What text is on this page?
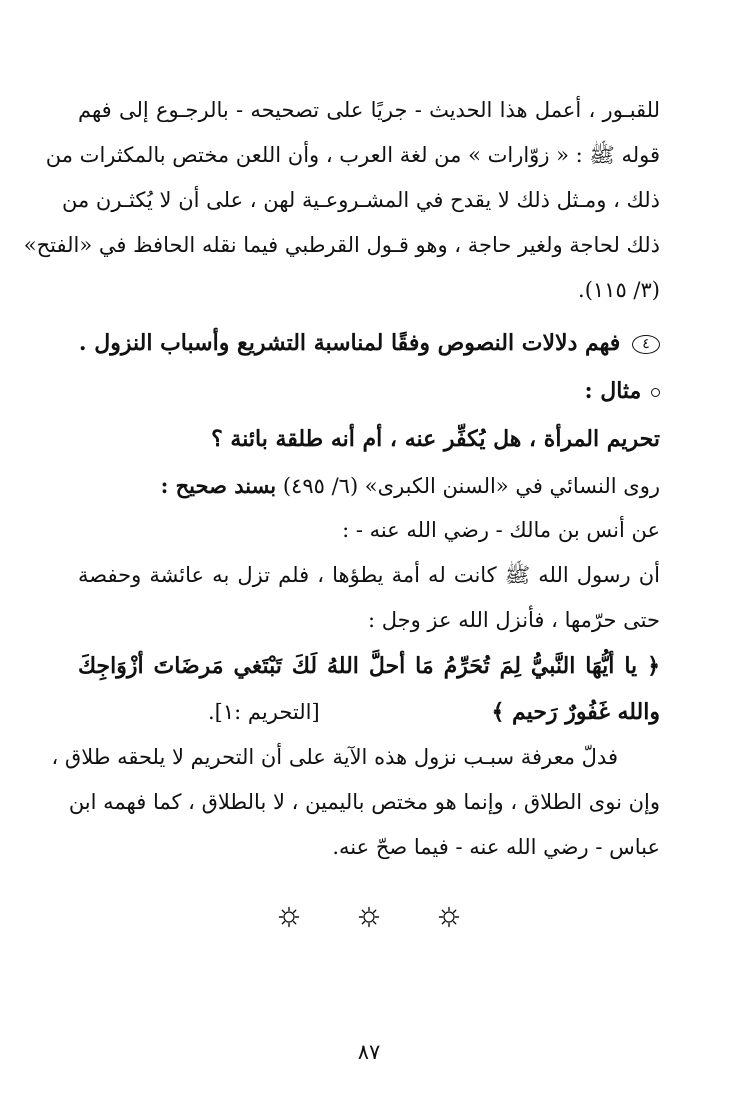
للقبـور ، أعمل هذا الحديث - جريًا على تصحيحه - بالرجـوع إلى فهم
قوله ﷺ : « زوّارات » من لغة العرب ، وأن اللعن مختص بالمكثرات من
ذلك ، ومـثل ذلك لا يقدح في المشـروعـية لهن ، على أن لا يُكثـرن من
ذلك لحاجة ولغير حاجة ، وهو قـول القرطبي فيما نقله الحافظ في «الفتح»
(٣/ ١١٥).
٤ فهم دلالات النصوص وفقًا لمناسبة التشريع وأسباب النزول .
مثال :
تحريم المرأة ، هل يُكفِّر عنه ، أم أنه طلقة بائنة ؟
روى النسائي في «السنن الكبرى» (٦/ ٤٩٥) بسند صحيح :
عن أنس بن مالك - رضي الله عنه - :
أن رسول الله ﷺ كانت له أمة يطؤها ، فلم تزل به عائشة وحفصة
حتى حرّمها ، فأنزل الله عز وجل :
﴿ يا أيُّهَا النَّبيُّ لِمَ تُحَرِّمُ مَا أحلَّ اللهُ لَكَ تَبْتَغي مَرضَاتَ أزْوَاجِكَ
والله غَفُورٌ رَحيم ﴾
[التحريم :١].
فدلّ معرفة سبـب نزول هذه الآية على أن التحريم لا يلحقه طلاق ،
وإن نوى الطلاق ، وإنما هو مختص باليمين ، لا بالطلاق ، كما فهمه ابن
عباس - رضي الله عنه - فيما صحّ عنه.
٨٧
